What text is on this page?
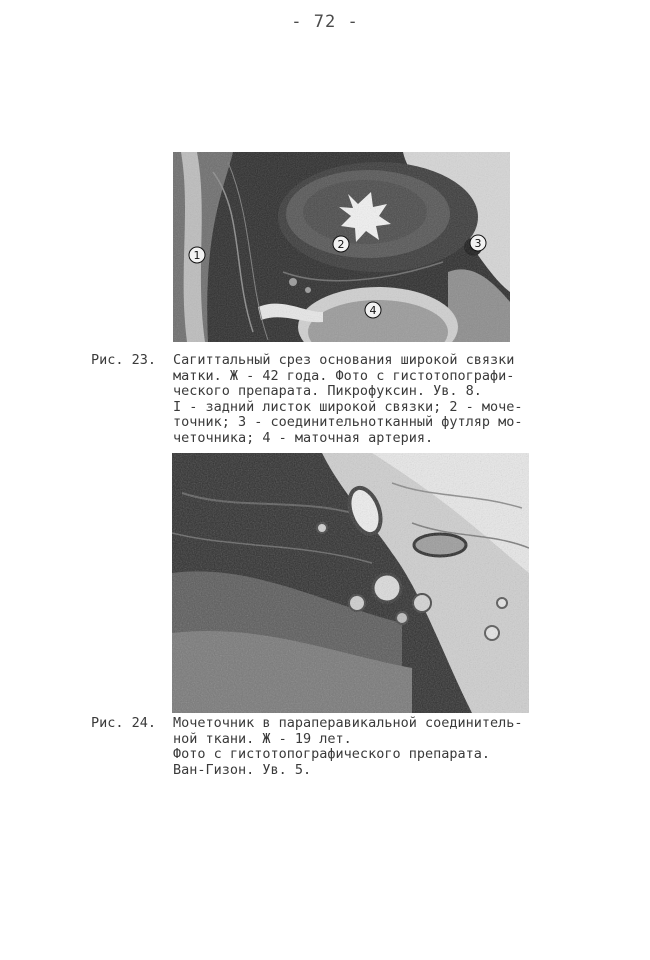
- 72 -
1
2	3
4
Рис. 23. Сагиттальный срез основания широкой связки
матки. Ж - 42 года. Фото с гистотопографи-
ческого препарата. Пикрофуксин. Ув. 8.
I - задний листок широкой связки; 2 - моче-
точник; 3 - соединительнотканный футляр мо-
четочника; 4 - маточная артерия.
Рис. 24. Мочеточник в параперавикальной соединитель-
ной ткани. Ж - 19 лет.
Фото с гистотопографического препарата.
Ван-Гизон. Ув. 5.
